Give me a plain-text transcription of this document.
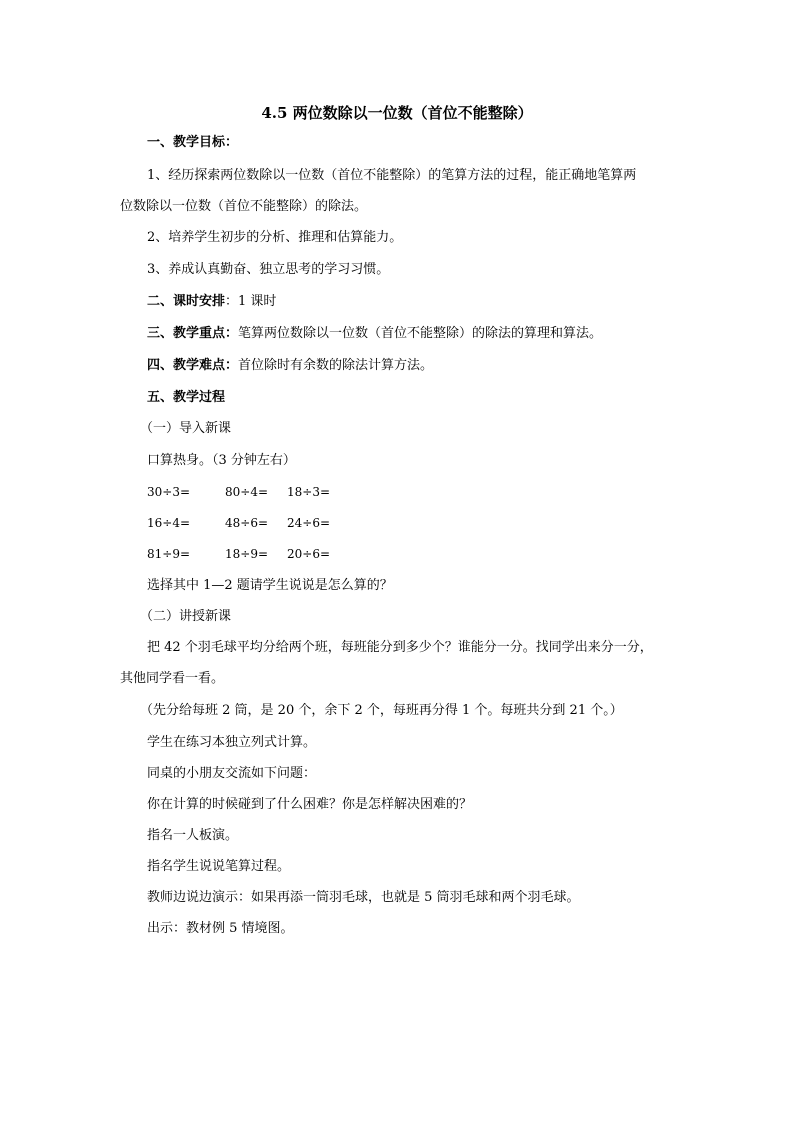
4.5 两位数除以一位数（首位不能整除）
一、教学目标：
1、经历探索两位数除以一位数（首位不能整除）的笔算方法的过程，能正确地笔算两
位数除以一位数（首位不能整除）的除法。
2、培养学生初步的分析、推理和估算能力。
3、养成认真勤奋、独立思考的学习习惯。
二、课时安排：1 课时
三、教学重点：笔算两位数除以一位数（首位不能整除）的除法的算理和算法。
四、教学难点：首位除时有余数的除法计算方法。
五、教学过程
（一）导入新课
口算热身。（3 分钟左右）
30÷3=	80÷4= 18÷3=
16÷4=	48÷6= 24÷6=
81÷9=	18÷9= 20÷6=
选择其中 1—2 题请学生说说是怎么算的？
（二）讲授新课
把 42 个羽毛球平均分给两个班，每班能分到多少个？谁能分一分。找同学出来分一分，
其他同学看一看。
（先分给每班 2 筒，是 20 个，余下 2 个，每班再分得 1 个。每班共分到 21 个。）
学生在练习本独立列式计算。
同桌的小朋友交流如下问题：
你在计算的时候碰到了什么困难？你是怎样解决困难的？
指名一人板演。
指名学生说说笔算过程。
教师边说边演示：如果再添一筒羽毛球，也就是 5 筒羽毛球和两个羽毛球。
出示：教材例 5 情境图。
